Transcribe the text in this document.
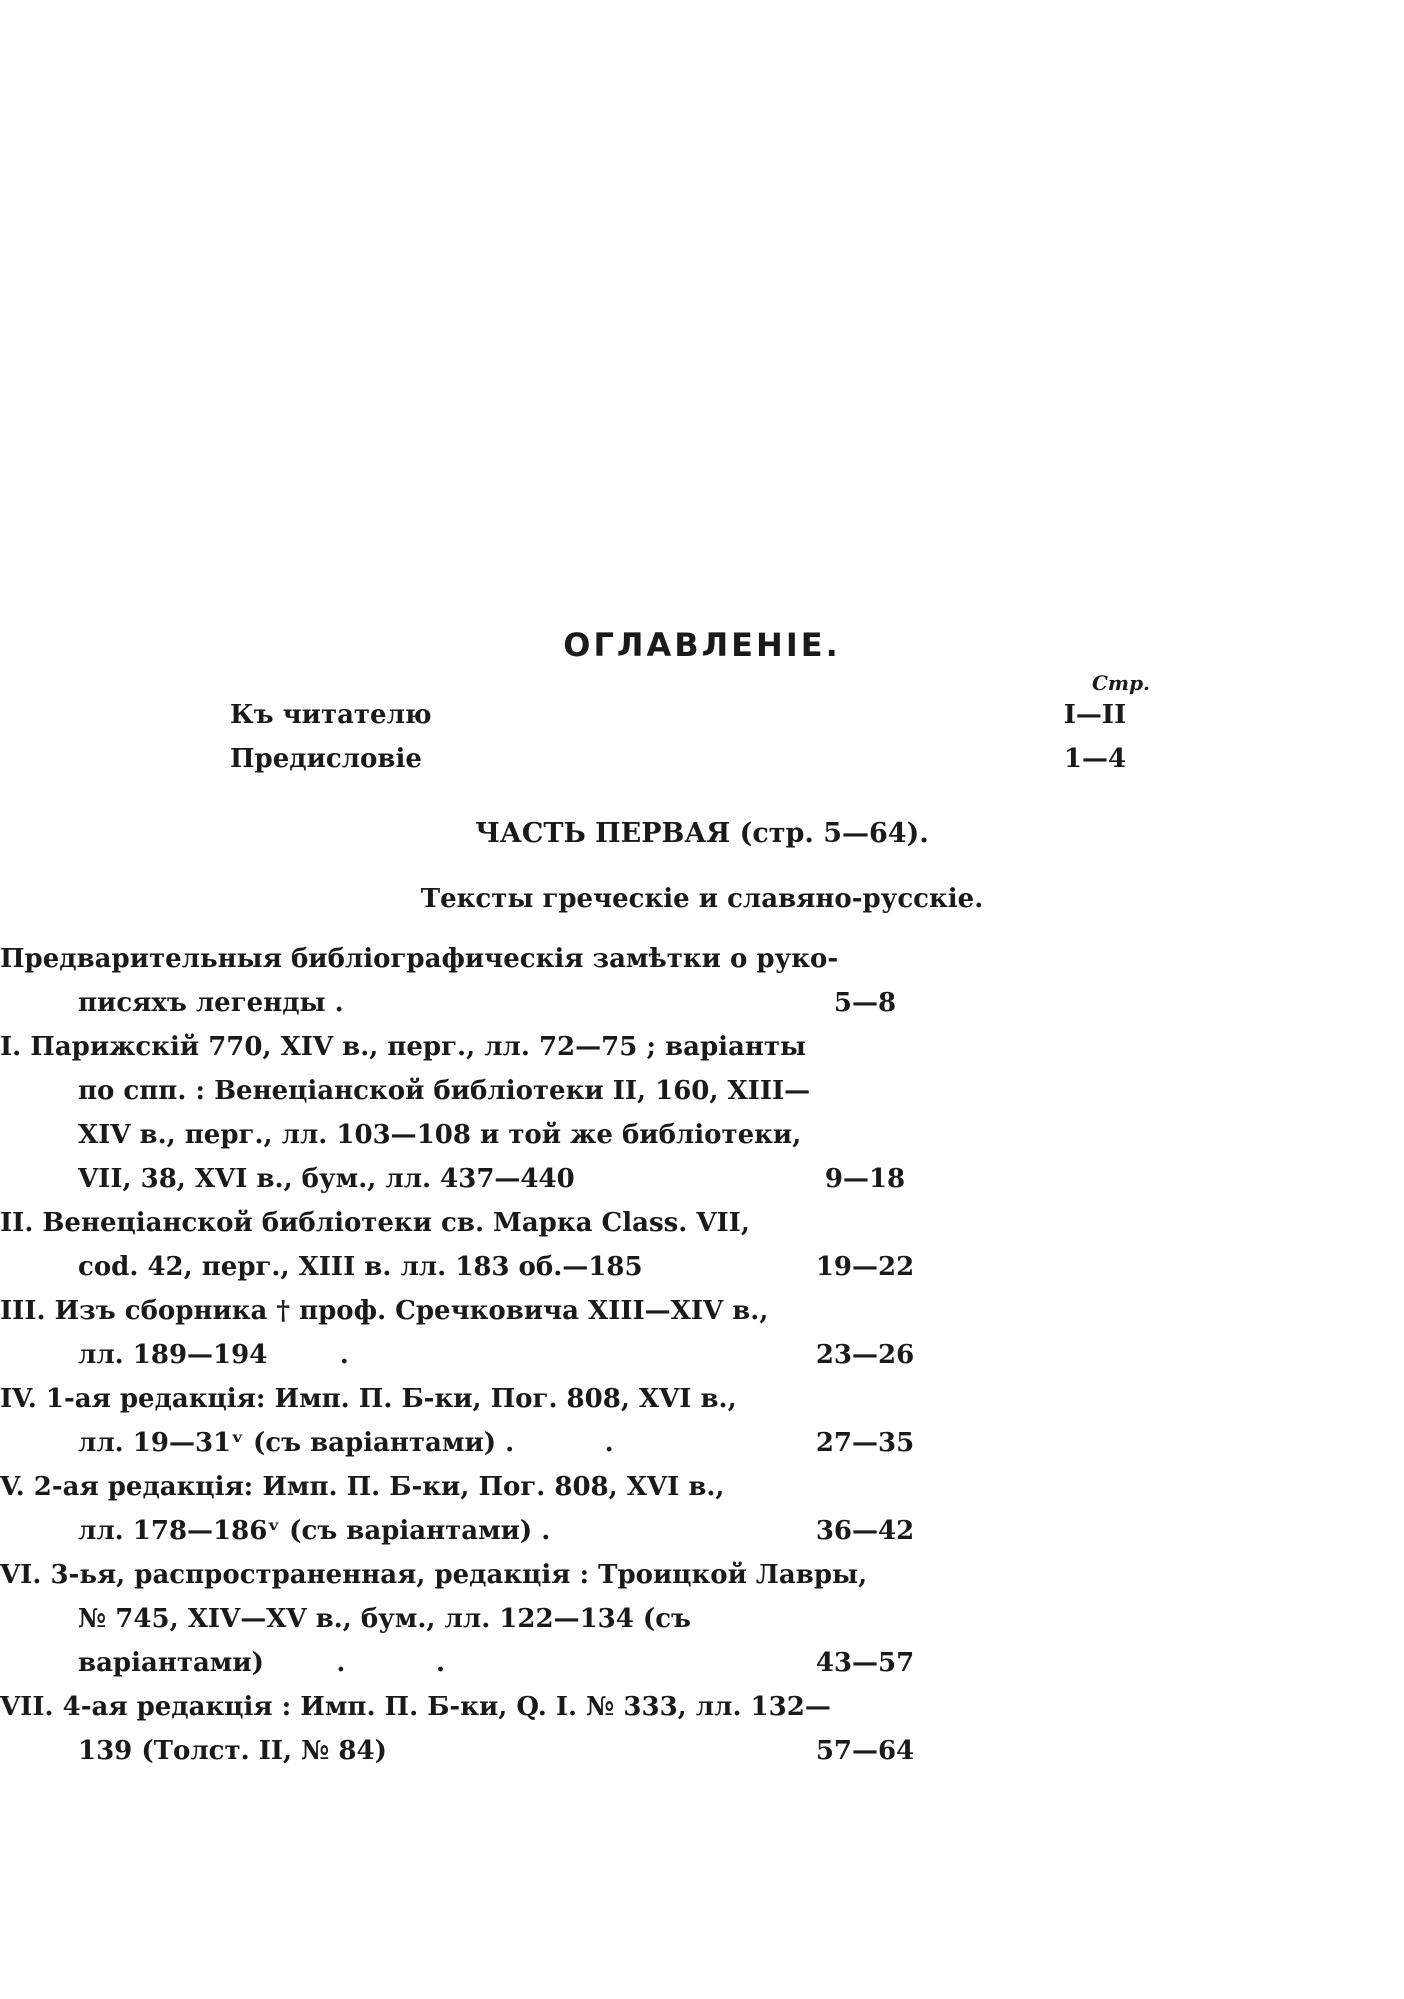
ОГЛАВЛЕНІЕ.
Стр.
Къ читателю	I—II
Предисловіе	1—4
ЧАСТЬ ПЕРВАЯ (стр. 5—64).
Тексты греческіе и славяно-русскіе.
Предварительныя библіографическія замѣтки о руко-
писяхъ легенды .	5—8
I. Парижскій 770, XIV в., перг., лл. 72—75 ; варіанты
по спп. : Венеціанской библіотеки II, 160, XIII—
XIV в., перг., лл. 103—108 и той же библіотеки,
VII, 38, XVI в., бум., лл. 437—440	9—18
II. Венеціанской библіотеки св. Марка Class. VII,
cod. 42, перг., XIII в. лл. 183 об.—185	19—22
III. Изъ сборника † проф. Сречковича XIII—XIV в.,
лл. 189—194        .	23—26
IV. 1-ая редакція: Имп. П. Б-ки, Пог. 808, XVI в.,
лл. 19—31ᵛ (съ варіантами) .          .	27—35
V. 2-ая редакція: Имп. П. Б-ки, Пог. 808, XVI в.,
лл. 178—186ᵛ (съ варіантами) .	36—42
VI. 3-ья, распространенная, редакція : Троицкой Лавры,
№ 745, XIV—XV в., бум., лл. 122—134 (съ
варіантами)        .          .	43—57
VII. 4-ая редакція : Имп. П. Б-ки, Q. I. № 333, лл. 132—
139 (Толст. II, № 84)	57—64
